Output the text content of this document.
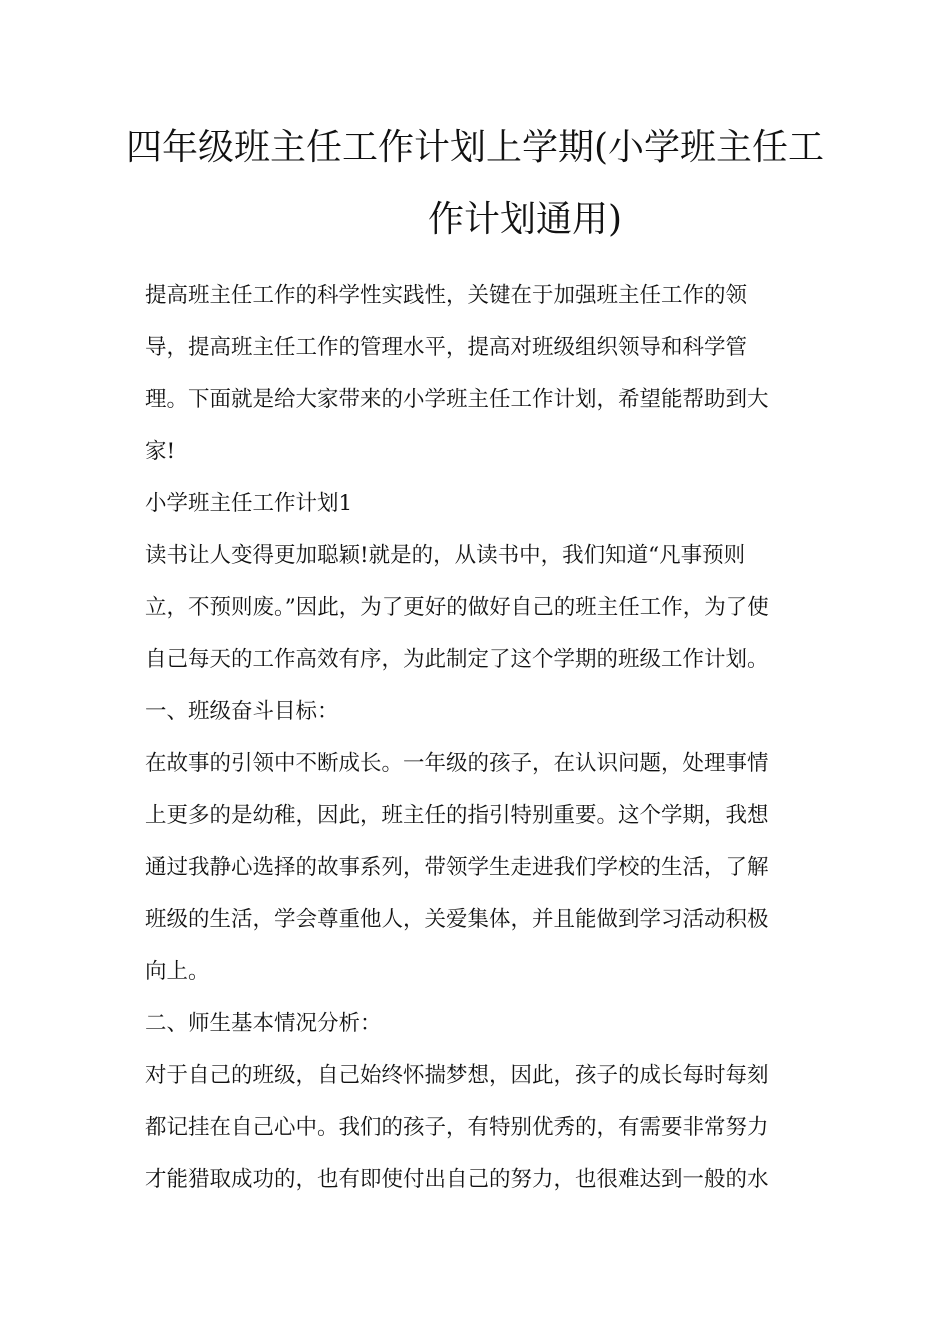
四年级班主任工作计划上学期(小学班主任工
作计划通用)
提高班主任工作的科学性实践性，关键在于加强班主任工作的领
导，提高班主任工作的管理水平，提高对班级组织领导和科学管
理。下面就是给大家带来的小学班主任工作计划，希望能帮助到大
家!
小学班主任工作计划1
读书让人变得更加聪颖!就是的，从读书中，我们知道“凡事预则
立，不预则废。”因此，为了更好的做好自己的班主任工作，为了使
自己每天的工作高效有序，为此制定了这个学期的班级工作计划。
一、班级奋斗目标：
在故事的引领中不断成长。一年级的孩子，在认识问题，处理事情
上更多的是幼稚，因此，班主任的指引特别重要。这个学期，我想
通过我静心选择的故事系列，带领学生走进我们学校的生活，了解
班级的生活，学会尊重他人，关爱集体，并且能做到学习活动积极
向上。
二、师生基本情况分析：
对于自己的班级，自己始终怀揣梦想，因此，孩子的成长每时每刻
都记挂在自己心中。我们的孩子，有特别优秀的，有需要非常努力
才能猎取成功的，也有即使付出自己的努力，也很难达到一般的水
